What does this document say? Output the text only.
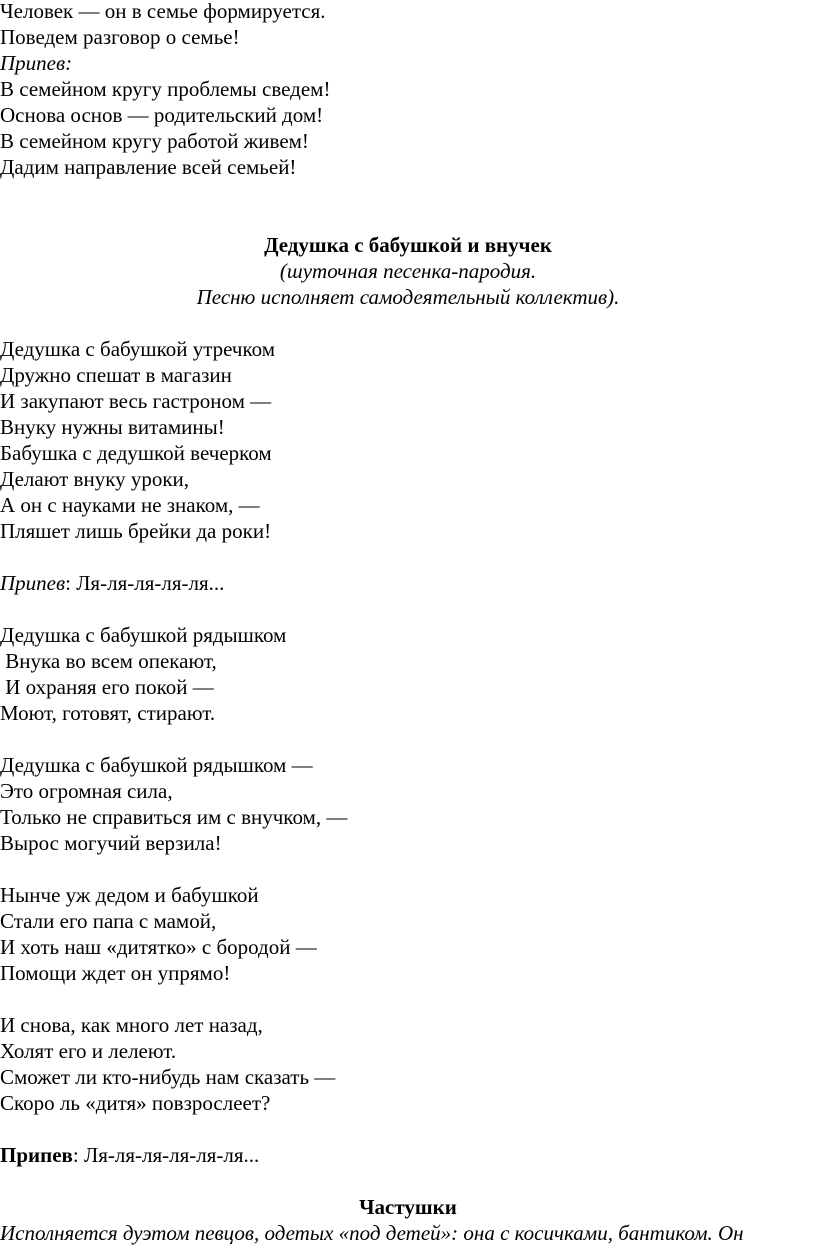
Человек — он в семье формируется.

Поведем разговор о семье!

Припев:

В семейном кругу проблемы сведем!

Основа основ — родительский дом!

В семейном кругу работой живем!

Дадим направление всей семьей!

Дедушка с бабушкой и внучек

(шуточная песенка-пародия.

Песню исполняет самодеятельный коллектив).

Дедушка с бабушкой утречком

Дружно спешат в магазин

И закупают весь гастроном —

Внуку нужны витамины!

Бабушка с дедушкой вечерком

Делают внуку уроки,

А он с науками не знаком, —

Пляшет лишь брейки да роки!

Припев: Ля-ля-ля-ля-ля...

Дедушка с бабушкой рядышком

Внука во всем опекают,

И охраняя его покой —

Моют, готовят, стирают.

Дедушка с бабушкой рядышком —

Это огромная сила,

Только не справиться им с внучком, —

Вырос могучий верзила!

Нынче уж дедом и бабушкой

Стали его папа с мамой,

И хоть наш «дитятко» с бородой —

Помощи ждет он упрямо!

И снова, как много лет назад,

Холят его и лелеют.

Сможет ли кто-нибудь нам сказать —

Скоро ль «дитя» повзрослеет?

Припев: Ля-ля-ля-ля-ля-ля...

Частушки

Исполняется дуэтом певцов, одетых «под детей»: она с косичками, бантиком. Он
